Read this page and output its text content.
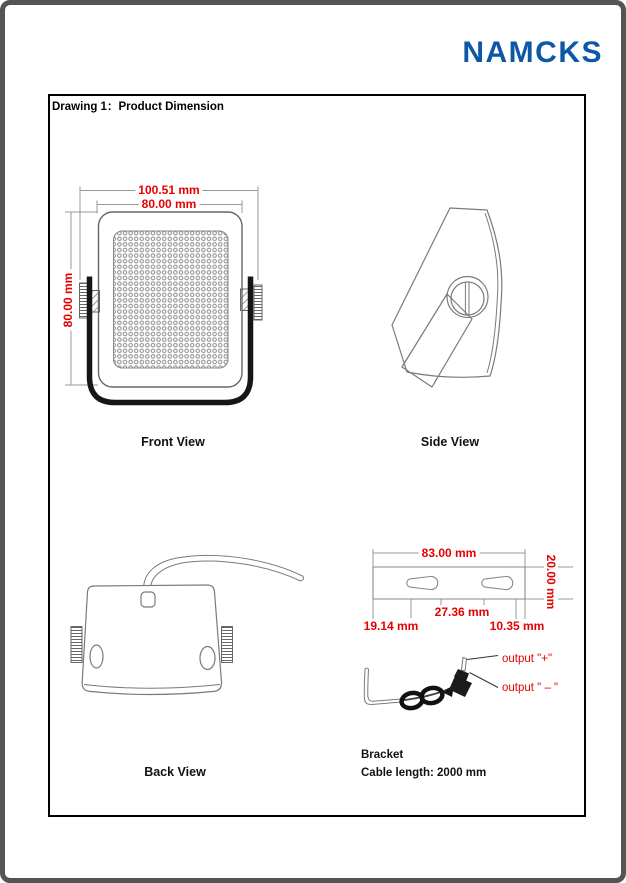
NAMCKS
Drawing 1：Product Dimension
100.51 mm
80.00 mm
80.00 mm
Front View	Side View
Back View
83.00 mm
20.00 mm
27.36 mm
19.14 mm	10.35 mm
output "+"
output " – "
Bracket
Cable length: 2000 mm
